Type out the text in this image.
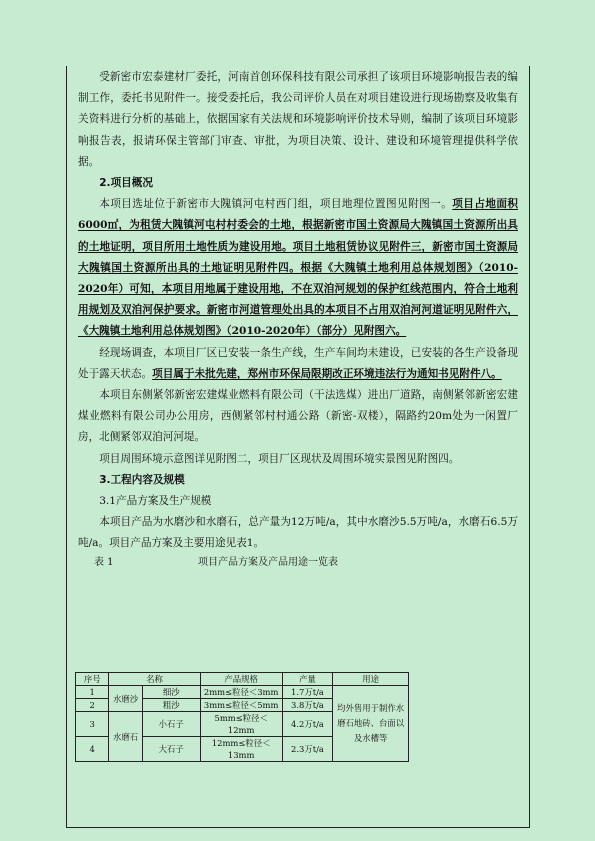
受新密市宏泰建材厂委托，河南首创环保科技有限公司承担了该项目环境影响报告表的编制工作，委托书见附件一。接受委托后，我公司评价人员在对项目建设进行现场勘察及收集有关资料进行分析的基础上，依据国家有关法规和环境影响评价技术导则，编制了该项目环境影响报告表，报请环保主管部门审查、审批，为项目决策、设计、建设和环境管理提供科学依据。

2.项目概况

本项目选址位于新密市大隗镇河屯村西门组，项目地理位置图见附图一。项目占地面积6000㎡，为租赁大隗镇河屯村村委会的土地，根据新密市国土资源局大隗镇国土资源所出具的土地证明，项目所用土地性质为建设用地。项目土地租赁协议见附件三，新密市国土资源局大隗镇国土资源所出具的土地证明见附件四。根据《大隗镇土地利用总体规划图》（2010-2020年）可知，本项目用地属于建设用地，不在双洎河规划的保护红线范围内，符合土地利用规划及双洎河保护要求。新密市河道管理处出具的本项目不占用双洎河河道证明见附件六，《大隗镇土地利用总体规划图》（2010-2020年）（部分）见附图六。

经现场调查，本项目厂区已安装一条生产线，生产车间均未建设，已安装的各生产设备现处于露天状态。项目属于未批先建，郑州市环保局限期改正环境违法行为通知书见附件八。

本项目东侧紧邻新密宏建煤业燃料有限公司（干法选煤）进出厂道路，南侧紧邻新密宏建煤业燃料有限公司办公用房，西侧紧邻村村通公路（新密-双楼），隔路约20m处为一闲置厂房，北侧紧邻双洎河河堤。

项目周围环境示意图详见附图二，项目厂区现状及周围环境实景图见附图四。

3.工程内容及规模

3.1产品方案及生产规模

本项目产品为水磨沙和水磨石，总产量为12万吨/a，其中水磨沙5.5万吨/a，水磨石6.5万吨/a。项目产品方案及主要用途见表1。

表 1	项目产品方案及产品用途一览表
序号	名称		产品规格	产量	用途
1	水磨沙	细沙	2mm≤粒径＜3mm	1.7万t/a	均外售用于制作水磨石地砖、台面以及水槽等
2		粗沙	3mm≤粒径＜5mm	3.8万t/a	
3	水磨石	小石子	5mm≤粒径＜12mm	4.2万t/a	
4		大石子	12mm≤粒径＜13mm	2.3万t/a	
